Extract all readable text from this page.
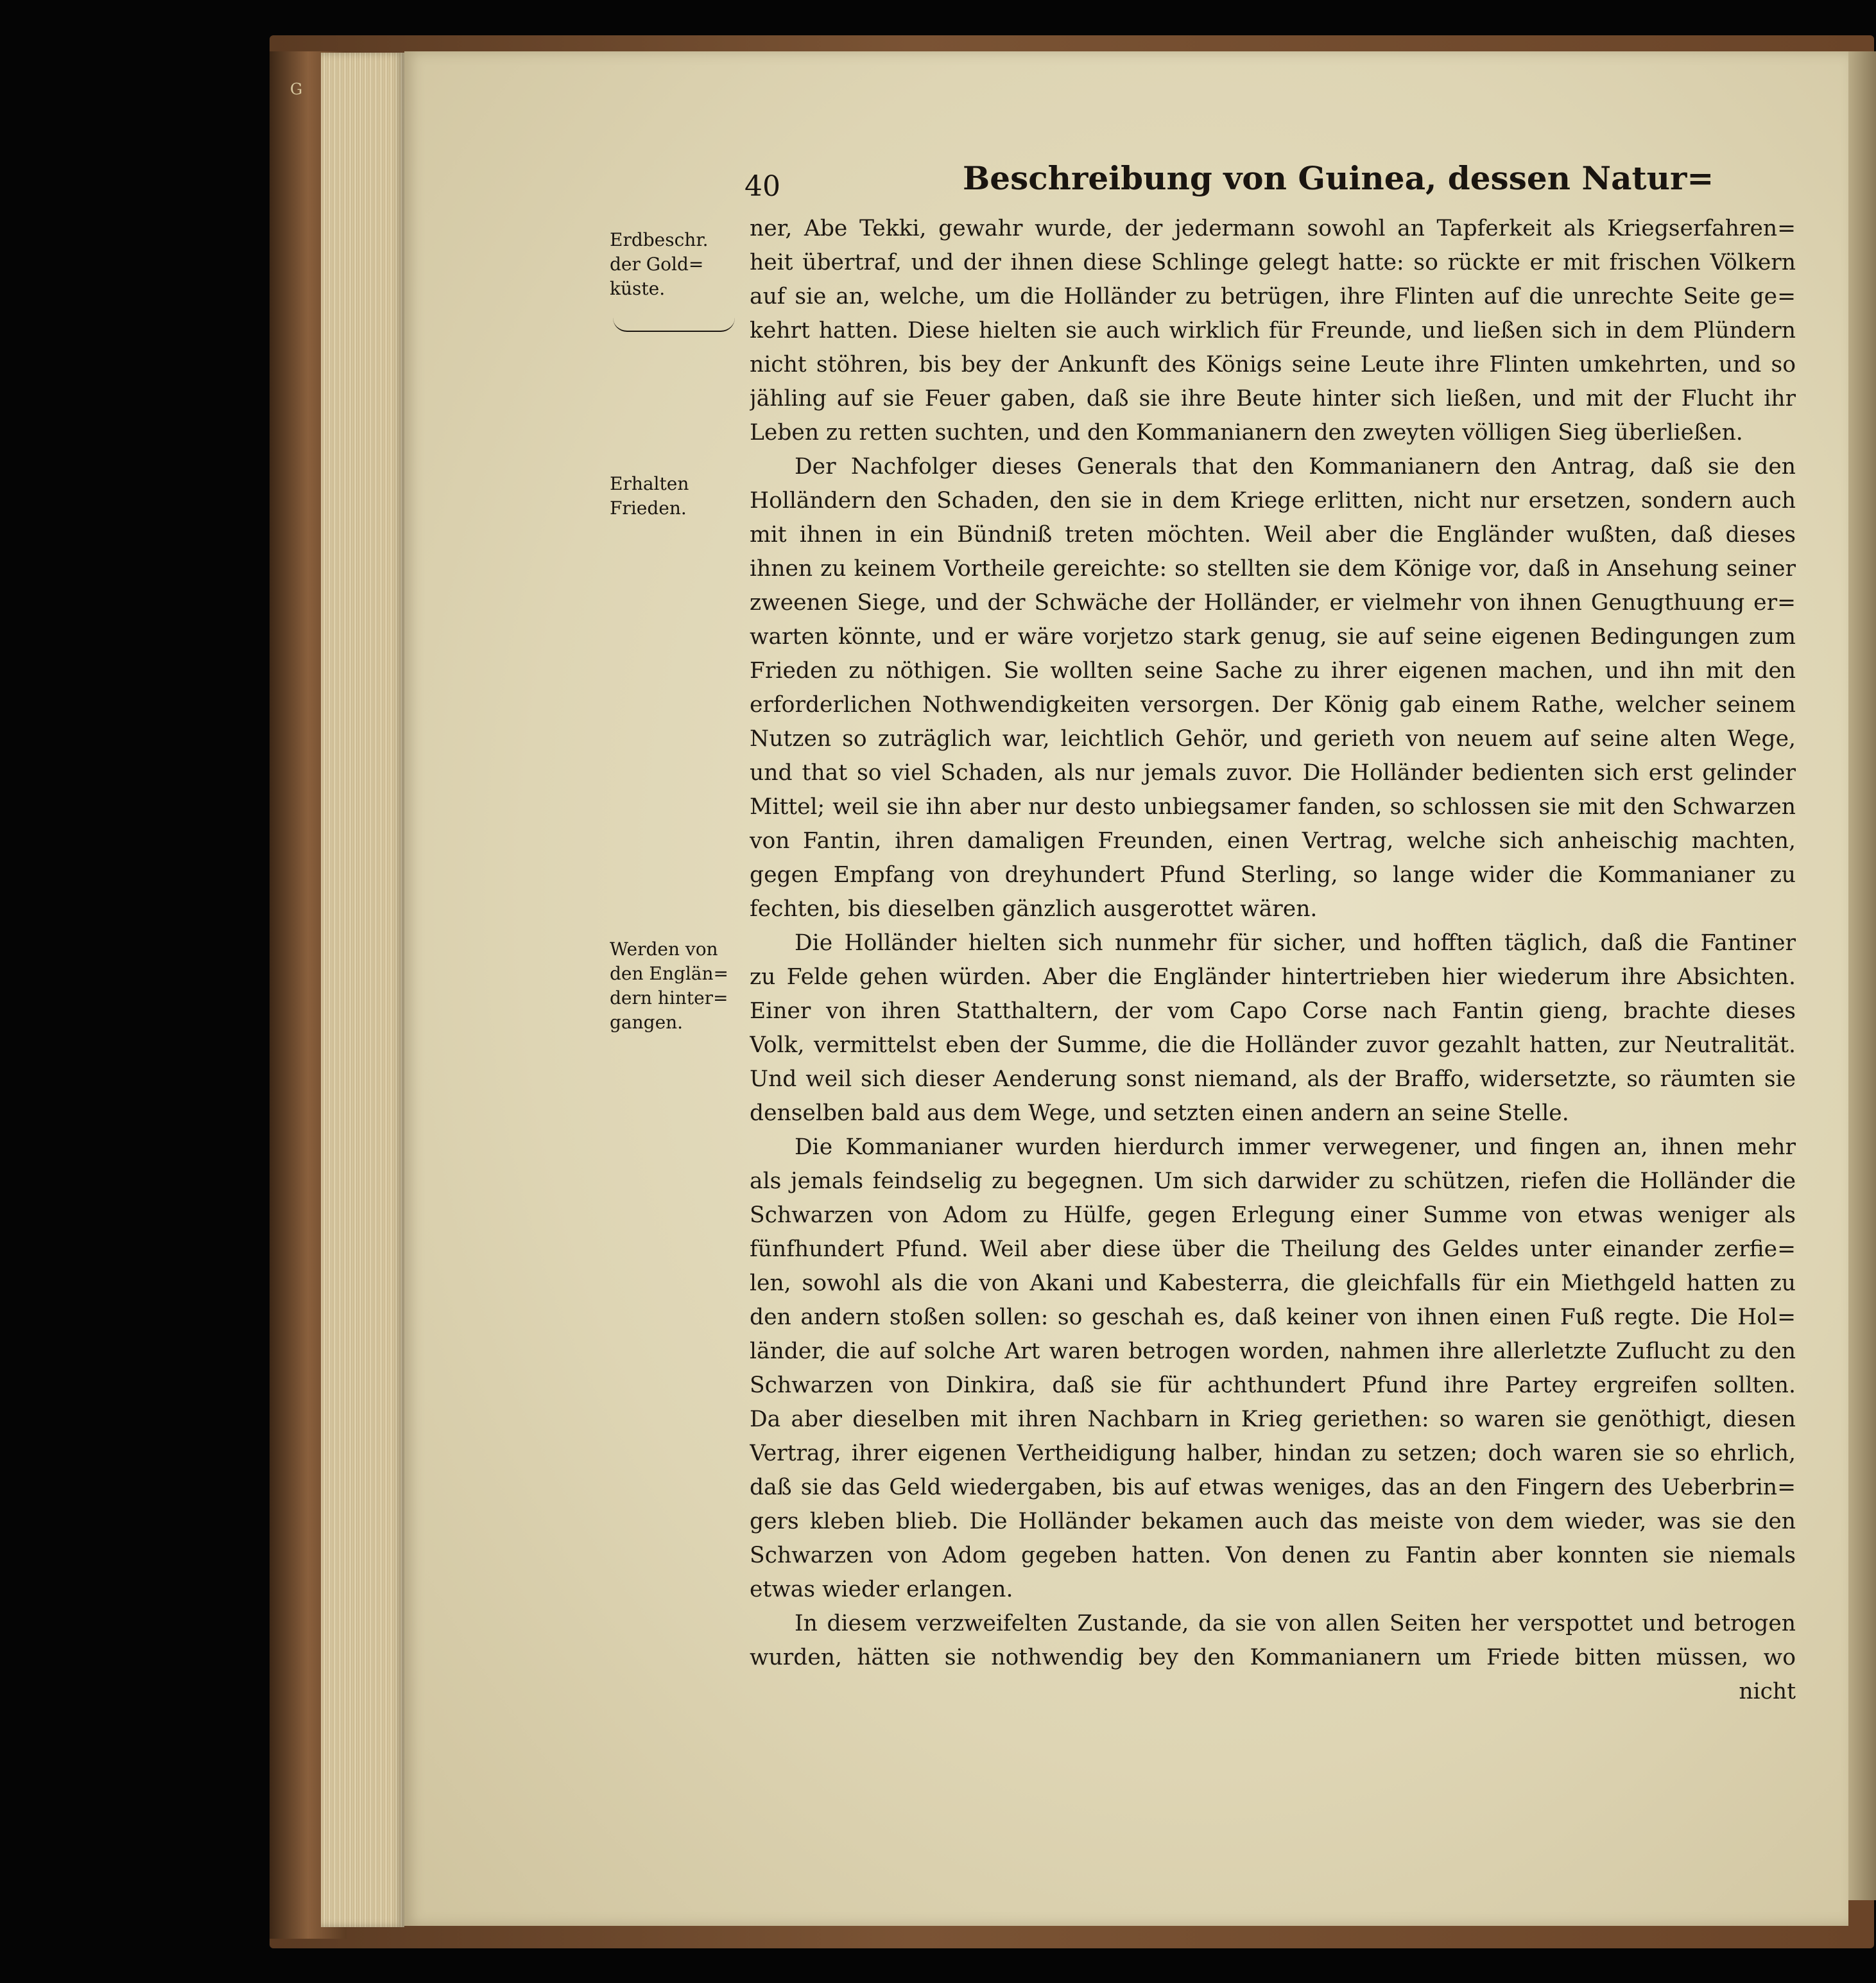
G
40	Beschreibung von Guinea, dessen Natur=
Erdbeschr.
der Gold=
küste.
Erhalten
Frieden.
Werden von
den Englän=
dern hinter=
gangen.
ner, Abe Tekki, gewahr wurde, der jedermann sowohl an Tapferkeit als Kriegserfahren=
heit übertraf, und der ihnen diese Schlinge gelegt hatte: so rückte er mit frischen Völkern
auf sie an, welche, um die Holländer zu betrügen, ihre Flinten auf die unrechte Seite ge=
kehrt hatten. Diese hielten sie auch wirklich für Freunde, und ließen sich in dem Plündern
nicht stöhren, bis bey der Ankunft des Königs seine Leute ihre Flinten umkehrten, und so
jähling auf sie Feuer gaben, daß sie ihre Beute hinter sich ließen, und mit der Flucht ihr
Leben zu retten suchten, und den Kommanianern den zweyten völligen Sieg überließen.
Der Nachfolger dieses Generals that den Kommanianern den Antrag, daß sie den
Holländern den Schaden, den sie in dem Kriege erlitten, nicht nur ersetzen, sondern auch
mit ihnen in ein Bündniß treten möchten. Weil aber die Engländer wußten, daß dieses
ihnen zu keinem Vortheile gereichte: so stellten sie dem Könige vor, daß in Ansehung seiner
zweenen Siege, und der Schwäche der Holländer, er vielmehr von ihnen Genugthuung er=
warten könnte, und er wäre vorjetzo stark genug, sie auf seine eigenen Bedingungen zum
Frieden zu nöthigen. Sie wollten seine Sache zu ihrer eigenen machen, und ihn mit den
erforderlichen Nothwendigkeiten versorgen. Der König gab einem Rathe, welcher seinem
Nutzen so zuträglich war, leichtlich Gehör, und gerieth von neuem auf seine alten Wege,
und that so viel Schaden, als nur jemals zuvor. Die Holländer bedienten sich erst gelinder
Mittel; weil sie ihn aber nur desto unbiegsamer fanden, so schlossen sie mit den Schwarzen
von Fantin, ihren damaligen Freunden, einen Vertrag, welche sich anheischig machten,
gegen Empfang von dreyhundert Pfund Sterling, so lange wider die Kommanianer zu
fechten, bis dieselben gänzlich ausgerottet wären.
Die Holländer hielten sich nunmehr für sicher, und hofften täglich, daß die Fantiner
zu Felde gehen würden. Aber die Engländer hintertrieben hier wiederum ihre Absichten.
Einer von ihren Statthaltern, der vom Capo Corse nach Fantin gieng, brachte dieses
Volk, vermittelst eben der Summe, die die Holländer zuvor gezahlt hatten, zur Neutralität.
Und weil sich dieser Aenderung sonst niemand, als der Braffo, widersetzte, so räumten sie
denselben bald aus dem Wege, und setzten einen andern an seine Stelle.
Die Kommanianer wurden hierdurch immer verwegener, und fingen an, ihnen mehr
als jemals feindselig zu begegnen. Um sich darwider zu schützen, riefen die Holländer die
Schwarzen von Adom zu Hülfe, gegen Erlegung einer Summe von etwas weniger als
fünfhundert Pfund. Weil aber diese über die Theilung des Geldes unter einander zerfie=
len, sowohl als die von Akani und Kabesterra, die gleichfalls für ein Miethgeld hatten zu
den andern stoßen sollen: so geschah es, daß keiner von ihnen einen Fuß regte. Die Hol=
länder, die auf solche Art waren betrogen worden, nahmen ihre allerletzte Zuflucht zu den
Schwarzen von Dinkira, daß sie für achthundert Pfund ihre Partey ergreifen sollten.
Da aber dieselben mit ihren Nachbarn in Krieg geriethen: so waren sie genöthigt, diesen
Vertrag, ihrer eigenen Vertheidigung halber, hindan zu setzen; doch waren sie so ehrlich,
daß sie das Geld wiedergaben, bis auf etwas weniges, das an den Fingern des Ueberbrin=
gers kleben blieb. Die Holländer bekamen auch das meiste von dem wieder, was sie den
Schwarzen von Adom gegeben hatten. Von denen zu Fantin aber konnten sie niemals
etwas wieder erlangen.
In diesem verzweifelten Zustande, da sie von allen Seiten her verspottet und betrogen
wurden, hätten sie nothwendig bey den Kommanianern um Friede bitten müssen, wo
nicht
